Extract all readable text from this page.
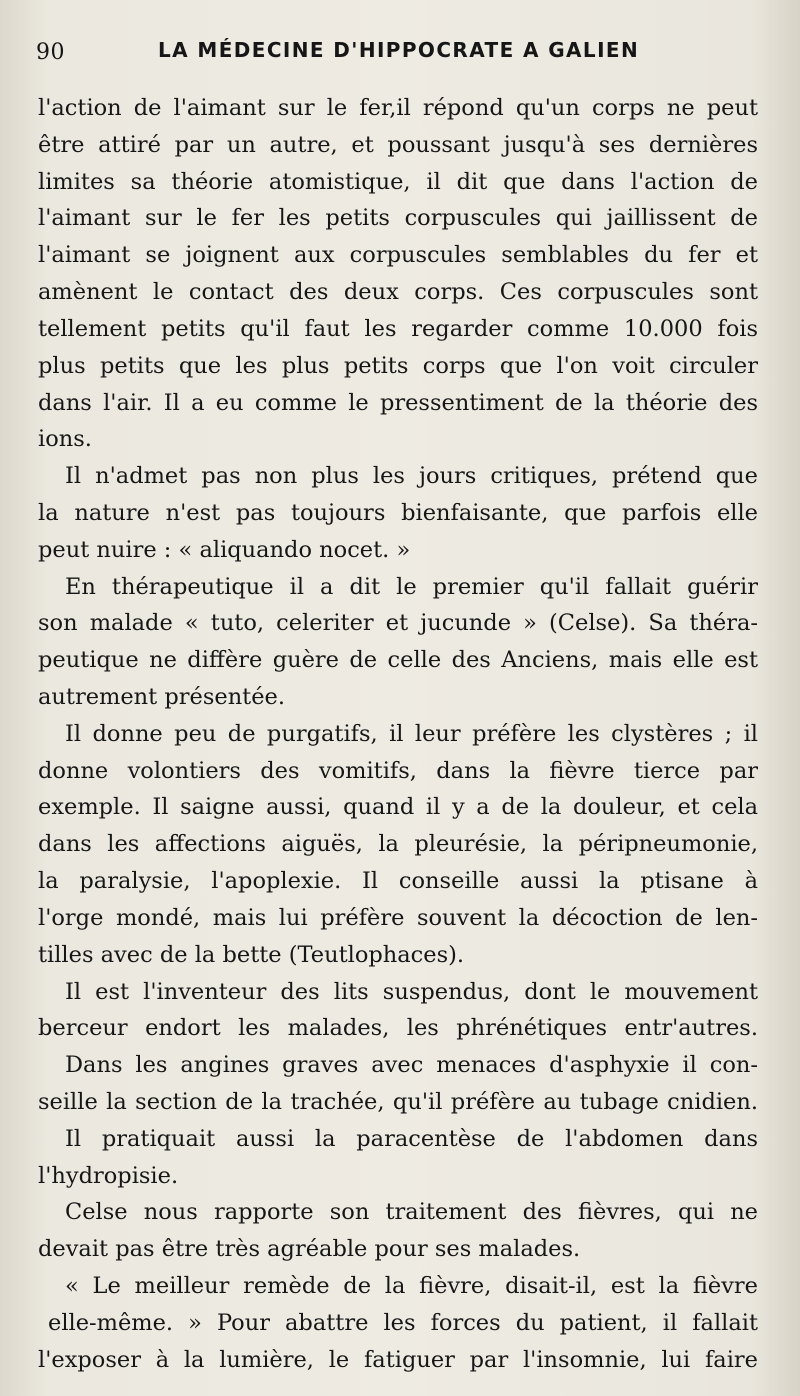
90	LA MÉDECINE D'HIPPOCRATE A GALIEN
l'action de l'aimant sur le fer,il répond qu'un corps ne peut
être attiré par un autre, et poussant jusqu'à ses dernières
limites sa théorie atomistique, il dit que dans l'action de
l'aimant sur le fer les petits corpuscules qui jaillissent de
l'aimant se joignent aux corpuscules semblables du fer et
amènent le contact des deux corps. Ces corpuscules sont
tellement petits qu'il faut les regarder comme 10.000 fois
plus petits que les plus petits corps que l'on voit circuler
dans l'air. Il a eu comme le pressentiment de la théorie des
ions.
Il n'admet pas non plus les jours critiques, prétend que
la nature n'est pas toujours bienfaisante, que parfois elle
peut nuire : « aliquando nocet. »
En thérapeutique il a dit le premier qu'il fallait guérir
son malade « tuto, celeriter et jucunde » (Celse). Sa théra-
peutique ne diffère guère de celle des Anciens, mais elle est
autrement présentée.
Il donne peu de purgatifs, il leur préfère les clystères ; il
donne volontiers des vomitifs, dans la fièvre tierce par
exemple. Il saigne aussi, quand il y a de la douleur, et cela
dans les affections aiguës, la pleurésie, la péripneumonie,
la paralysie, l'apoplexie. Il conseille aussi la ptisane à
l'orge mondé, mais lui préfère souvent la décoction de len-
tilles avec de la bette (Teutlophaces).
Il est l'inventeur des lits suspendus, dont le mouvement
berceur endort les malades, les phrénétiques entr'autres.
Dans les angines graves avec menaces d'asphyxie il con-
seille la section de la trachée, qu'il préfère au tubage cnidien.
Il pratiquait aussi la paracentèse de l'abdomen dans
l'hydropisie.
Celse nous rapporte son traitement des fièvres, qui ne
devait pas être très agréable pour ses malades.
« Le meilleur remède de la fièvre, disait-il, est la fièvre
elle-même. » Pour abattre les forces du patient, il fallait
l'exposer à la lumière, le fatiguer par l'insomnie, lui faire
